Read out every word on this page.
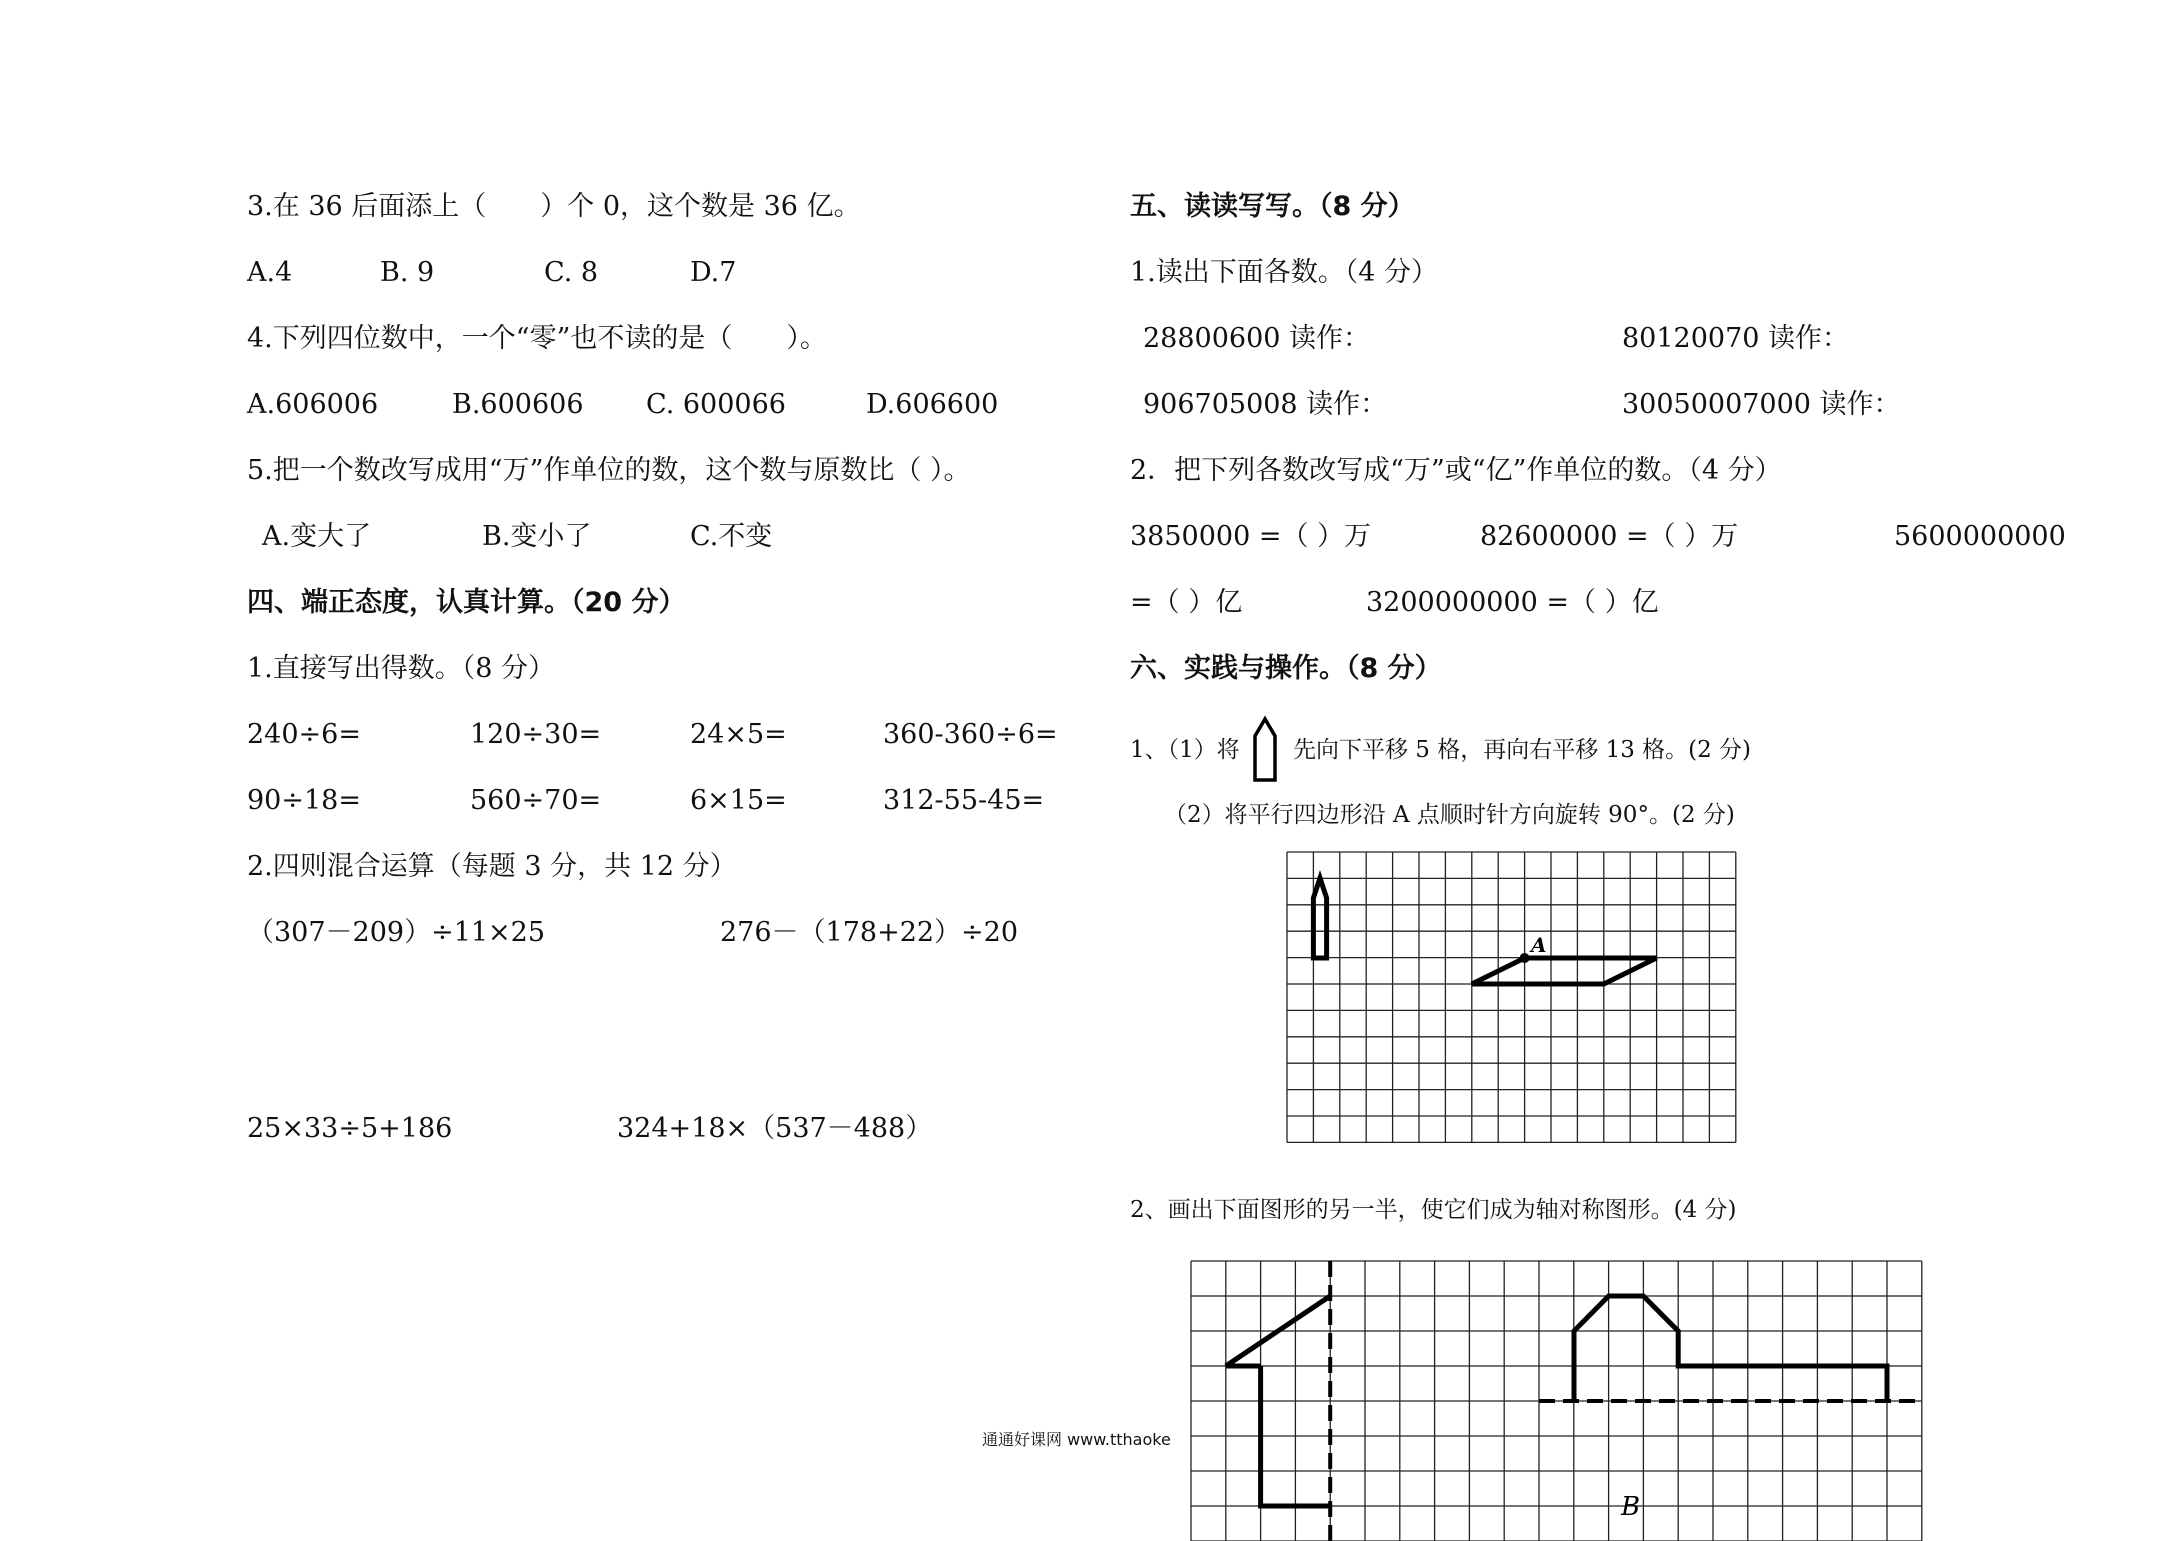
3.在 36 后面添上（　　）个 0，这个数是 36 亿。
A.4	B. 9	C. 8	D.7
4.下列四位数中，一个“零”也不读的是（　　）。
A.606006	B.600606 C. 600066	D.606600
5.把一个数改写成用“万”作单位的数，这个数与原数比（ ）。
A.变大了	B.变小了	C.不变
四、端正态度，认真计算。（20 分）
1.直接写出得数。（8 分）
240÷6=	120÷30=	24×5=	360-360÷6=
90÷18=	560÷70=	6×15=	312-55-45=
2.四则混合运算（每题 3 分，共 12 分）
（307－209）÷11×25	276－（178+22）÷20
25×33÷5+186	324+18×（537－488）
五、读读写写。（8 分）
1.读出下面各数。（4 分）
28800600 读作：	80120070 读作：
906705008 读作：	30050007000 读作：
2．把下列各数改写成“万”或“亿”作单位的数。（4 分）
3850000 =（ ）万	82600000 =（ ）万	5600000000
=（ ）亿	3200000000 =（ ）亿
六、实践与操作。（8 分）
1、（1）将 先向下平移 5 格，再向右平移 13 格。(2 分)
（2）将平行四边形沿 A 点顺时针方向旋转 90°。(2 分)
A
2、画出下面图形的另一半，使它们成为轴对称图形。(4 分)
B
通通好课网 www.tthaoke
